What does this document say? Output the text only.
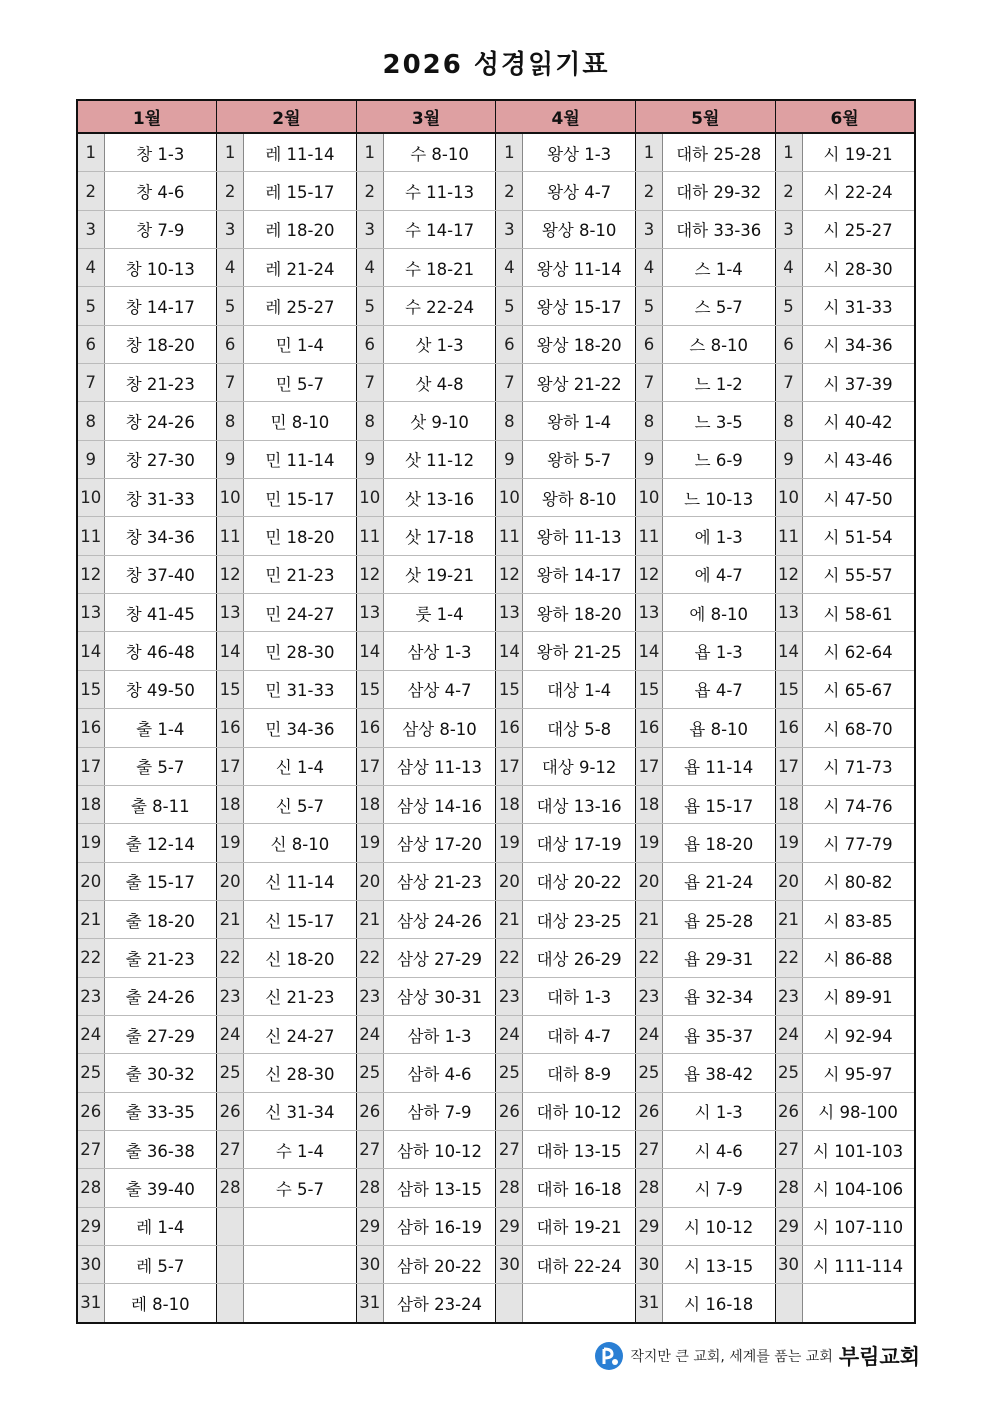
2026 성경읽기표
1월		2월		3월		4월		5월		6월	
1	창 1-3	1	레 11-14	1	수 8-10	1	왕상 1-3	1	대하 25-28	1	시 19-21
2	창 4-6	2	레 15-17	2	수 11-13	2	왕상 4-7	2	대하 29-32	2	시 22-24
3	창 7-9	3	레 18-20	3	수 14-17	3	왕상 8-10	3	대하 33-36	3	시 25-27
4	창 10-13	4	레 21-24	4	수 18-21	4	왕상 11-14	4	스 1-4	4	시 28-30
5	창 14-17	5	레 25-27	5	수 22-24	5	왕상 15-17	5	스 5-7	5	시 31-33
6	창 18-20	6	민 1-4	6	삿 1-3	6	왕상 18-20	6	스 8-10	6	시 34-36
7	창 21-23	7	민 5-7	7	삿 4-8	7	왕상 21-22	7	느 1-2	7	시 37-39
8	창 24-26	8	민 8-10	8	삿 9-10	8	왕하 1-4	8	느 3-5	8	시 40-42
9	창 27-30	9	민 11-14	9	삿 11-12	9	왕하 5-7	9	느 6-9	9	시 43-46
10	창 31-33	10	민 15-17	10	삿 13-16	10	왕하 8-10	10	느 10-13	10	시 47-50
11	창 34-36	11	민 18-20	11	삿 17-18	11	왕하 11-13	11	에 1-3	11	시 51-54
12	창 37-40	12	민 21-23	12	삿 19-21	12	왕하 14-17	12	에 4-7	12	시 55-57
13	창 41-45	13	민 24-27	13	룻 1-4	13	왕하 18-20	13	에 8-10	13	시 58-61
14	창 46-48	14	민 28-30	14	삼상 1-3	14	왕하 21-25	14	욥 1-3	14	시 62-64
15	창 49-50	15	민 31-33	15	삼상 4-7	15	대상 1-4	15	욥 4-7	15	시 65-67
16	출 1-4	16	민 34-36	16	삼상 8-10	16	대상 5-8	16	욥 8-10	16	시 68-70
17	출 5-7	17	신 1-4	17	삼상 11-13	17	대상 9-12	17	욥 11-14	17	시 71-73
18	출 8-11	18	신 5-7	18	삼상 14-16	18	대상 13-16	18	욥 15-17	18	시 74-76
19	출 12-14	19	신 8-10	19	삼상 17-20	19	대상 17-19	19	욥 18-20	19	시 77-79
20	출 15-17	20	신 11-14	20	삼상 21-23	20	대상 20-22	20	욥 21-24	20	시 80-82
21	출 18-20	21	신 15-17	21	삼상 24-26	21	대상 23-25	21	욥 25-28	21	시 83-85
22	출 21-23	22	신 18-20	22	삼상 27-29	22	대상 26-29	22	욥 29-31	22	시 86-88
23	출 24-26	23	신 21-23	23	삼상 30-31	23	대하 1-3	23	욥 32-34	23	시 89-91
24	출 27-29	24	신 24-27	24	삼하 1-3	24	대하 4-7	24	욥 35-37	24	시 92-94
25	출 30-32	25	신 28-30	25	삼하 4-6	25	대하 8-9	25	욥 38-42	25	시 95-97
26	출 33-35	26	신 31-34	26	삼하 7-9	26	대하 10-12	26	시 1-3	26	시 98-100
27	출 36-38	27	수 1-4	27	삼하 10-12	27	대하 13-15	27	시 4-6	27	시 101-103
28	출 39-40	28	수 5-7	28	삼하 13-15	28	대하 16-18	28	시 7-9	28	시 104-106
29	레 1-4			29	삼하 16-19	29	대하 19-21	29	시 10-12	29	시 107-110
30	레 5-7			30	삼하 20-22	30	대하 22-24	30	시 13-15	30	시 111-114
31	레 8-10			31	삼하 23-24			31	시 16-18		
작지만 큰 교회, 세계를 품는 교회 부림교회
